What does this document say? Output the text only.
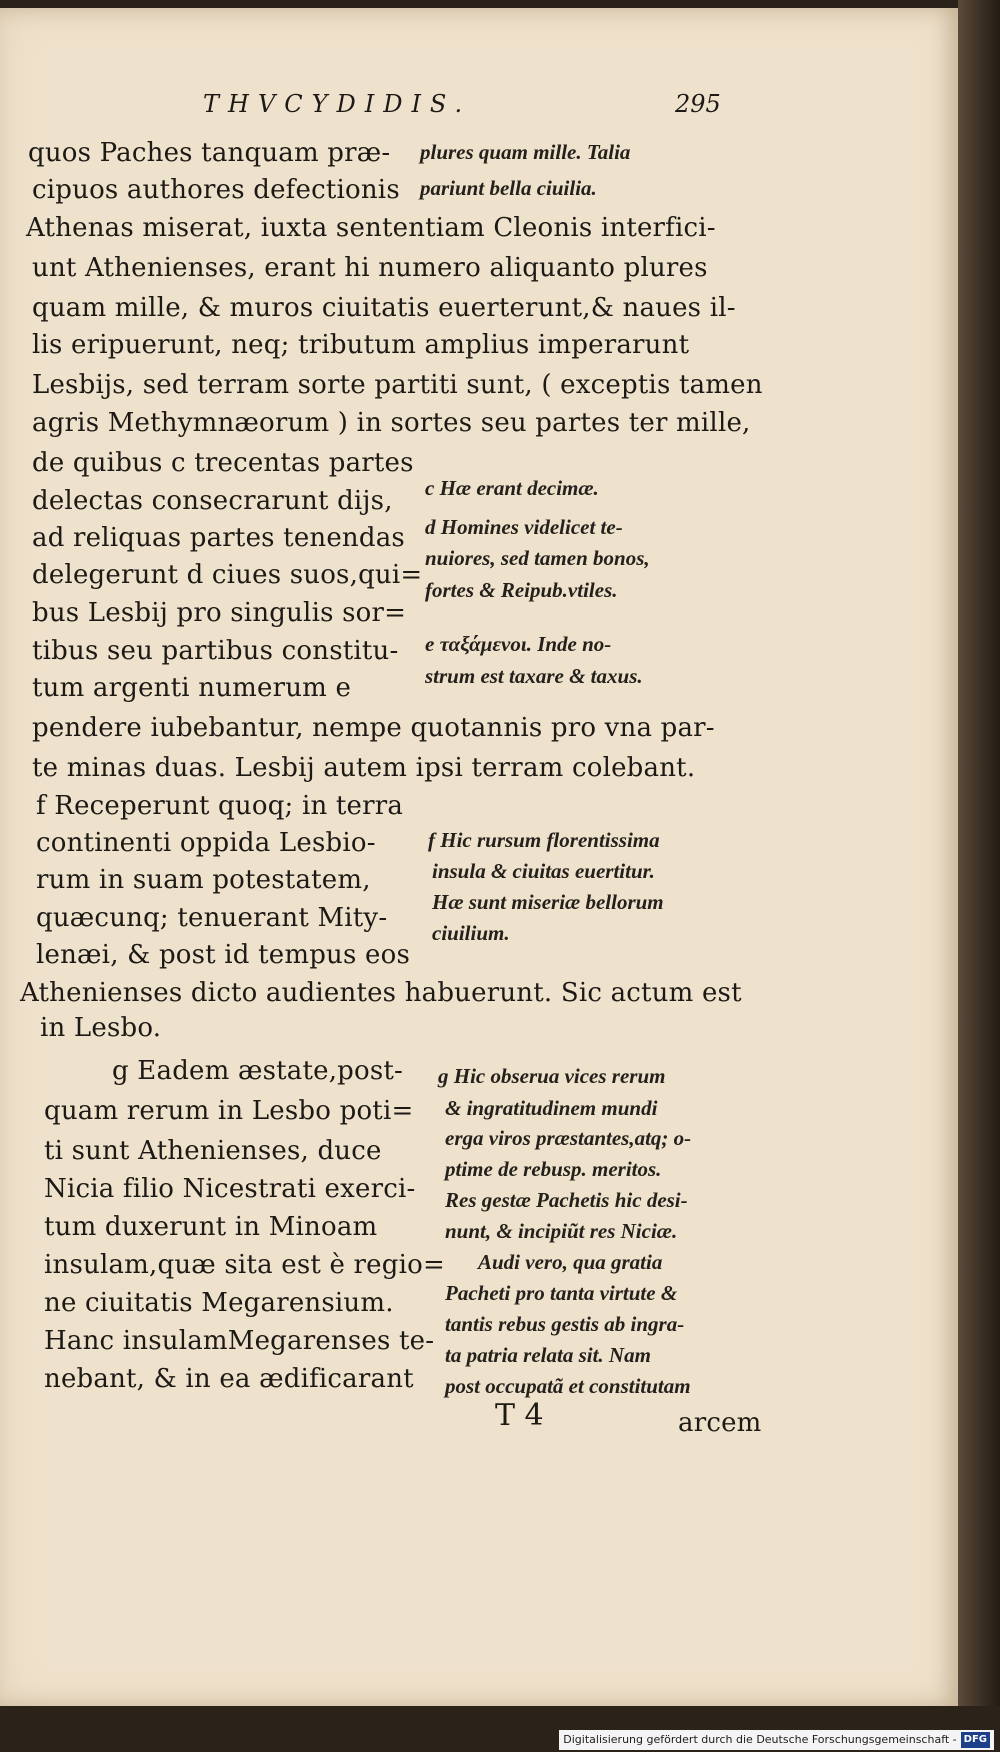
THVCYDIDIS.	295
quos Paches tanquam præ-
cipuos authores defectionis
Athenas miserat, iuxta sententiam Cleonis interfici-
unt Athenienses, erant hi numero aliquanto plures
quam mille, & muros ciuitatis euerterunt,& naues il-
lis eripuerunt, neq; tributum amplius imperarunt
Lesbijs, sed terram sorte partiti sunt, ( exceptis tamen
agris Methymnæorum ) in sortes seu partes ter mille,
de quibus c trecentas partes
delectas consecrarunt dijs,
ad reliquas partes tenendas
delegerunt d ciues suos,qui=
bus Lesbij pro singulis sor=
tibus seu partibus constitu-
tum argenti numerum e
pendere iubebantur, nempe quotannis pro vna par-
te minas duas. Lesbij autem ipsi terram colebant.
f Receperunt quoq; in terra
continenti oppida Lesbio-
rum in suam potestatem,
quæcunq; tenuerant Mity-
lenæi, & post id tempus eos
Athenienses dicto audientes habuerunt. Sic actum est
in Lesbo.
g Eadem æstate,post-
quam rerum in Lesbo poti=
ti sunt Athenienses, duce
Nicia filio Nicestrati exerci-
tum duxerunt in Minoam
insulam,quæ sita est è regio=
ne ciuitatis Megarensium.
Hanc insulamMegarenses te-
nebant, & in ea ædificarant
plures quam mille. Talia
pariunt bella ciuilia.
c Hæ erant decimæ.
d Homines videlicet te-
nuiores, sed tamen bonos,
fortes & Reipub.vtiles.
e ταξάμενοι. Inde no-
strum est taxare & taxus.
f Hic rursum florentissima
insula & ciuitas euertitur.
Hæ sunt miseriæ bellorum
ciuilium.
g Hic obserua vices rerum
& ingratitudinem mundi
erga viros præstantes,atq; o-
ptime de rebusp. meritos.
Res gestæ Pachetis hic desi-
nunt, & incipiũt res Niciæ.
Audi vero, qua gratia
Pacheti pro tanta virtute &
tantis rebus gestis ab ingra-
ta patria relata sit. Nam
post occupatã et constitutam
T 4	arcem
Digitalisierung gefördert durch die Deutsche Forschungsgemeinschaft - DFG
